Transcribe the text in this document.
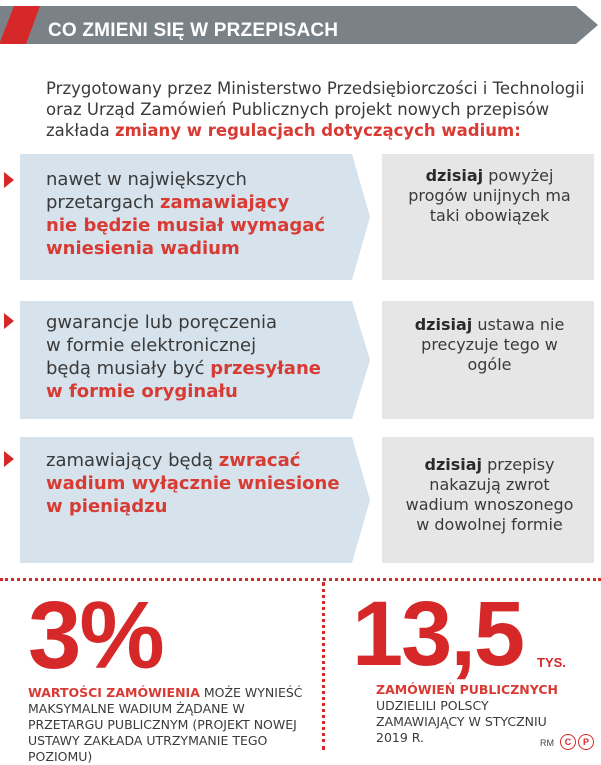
CO ZMIENI SIĘ W PRZEPISACH
Przygotowany przez Ministerstwo Przedsiębiorczości i Technologii oraz Urząd Zamówień Publicznych projekt nowych przepisów zakłada zmiany w regulacjach dotyczących wadium:
nawet w największych
przetargach zamawiający
nie będzie musiał wymagać
wniesienia wadium
dzisiaj powyżej progów unijnych ma taki obowiązek
gwarancje lub poręczenia
w formie elektronicznej
będą musiały być przesyłane
w formie oryginału
dzisiaj ustawa nie precyzuje tego w ogóle
zamawiający będą zwracać
wadium wyłącznie wniesione
w pieniądzu
dzisiaj przepisy nakazują zwrot wadium wnoszonego w dowolnej formie
3%
WARTOŚCI ZAMÓWIENIA MOŻE WYNIEŚĆ MAKSYMALNE WADIUM ŻĄDANE W PRZETARGU PUBLICZNYM (PROJEKT NOWEJ USTAWY ZAKŁADA UTRZYMANIE TEGO POZIOMU)
13,5 TYS.
ZAMÓWIEŃ PUBLICZNYCH
UDZIELILI POLSCY ZAMAWIAJĄCY W STYCZNIU 2019 R.	RM	C	P
